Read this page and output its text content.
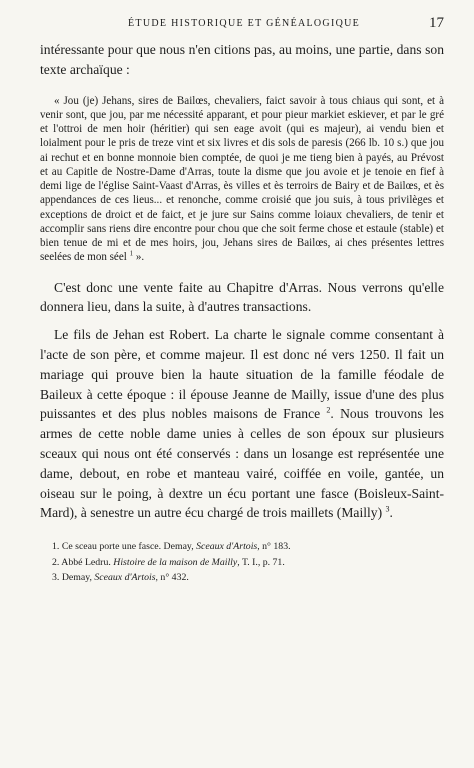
ÉTUDE HISTORIQUE ET GÉNÉALOGIQUE	17

intéressante pour que nous n'en citions pas, au moins, une partie, dans son texte archaïque :

« Jou (je) Jehans, sires de Bailœs, chevaliers, faict savoir à tous chiaus qui sont, et à venir sont, que jou, par me nécessité apparant, et pour pieur markiet eskiever, et par le gré et l'ottroi de men hoir (héritier) qui sen eage avoit (qui es majeur), ai vendu bien et loialment pour le pris de treze vint et six livres et dis sols de paresis (266 lb. 10 s.) que jou ai rechut et en bonne monnoie bien comptée, de quoi je me tieng bien à payés, au Prévost et au Capitle de Nostre-Dame d'Arras, toute la disme que jou avoie et je tenoie en fief à demi lige de l'église Saint-Vaast d'Arras, ès villes et ès terroirs de Bairy et de Bailœs, et ès appendances de ces lieus... et renonche, comme croisié que jou suis, à tous privilèges et exceptions de droict et de faict, et je jure sur Sains comme loiaux chevaliers, de tenir et accomplir sans riens dire encontre pour chou que che soit ferme chose et estaule (stable) et bien tenue de mi et de mes hoirs, jou, Jehans sires de Bailœs, ai ches présentes lettres seelées de mon séel $^1$ ».

C'est donc une vente faite au Chapitre d'Arras. Nous verrons qu'elle donnera lieu, dans la suite, à d'autres transactions.

Le fils de Jehan est Robert. La charte le signale comme consentant à l'acte de son père, et comme majeur. Il est donc né vers 1250. Il fait un mariage qui prouve bien la haute situation de la famille féodale de Baileux à cette époque : il épouse Jeanne de Mailly, issue d'une des plus puissantes et des plus nobles maisons de France $^2$. Nous trouvons les armes de cette noble dame unies à celles de son époux sur plusieurs sceaux qui nous ont été conservés : dans un losange est représentée une dame, debout, en robe et manteau vairé, coiffée en voile, gantée, un oiseau sur le poing, à dextre un écu portant une fasce (Boisleux-Saint-Mard), à senestre un autre écu chargé de trois maillets (Mailly) $^3$.

1. Ce sceau porte une fasce. Demay, Sceaux d'Artois, n° 183.

2. Abbé Ledru. Histoire de la maison de Mailly, T. I., p. 71.

3. Demay, Sceaux d'Artois, n° 432.
